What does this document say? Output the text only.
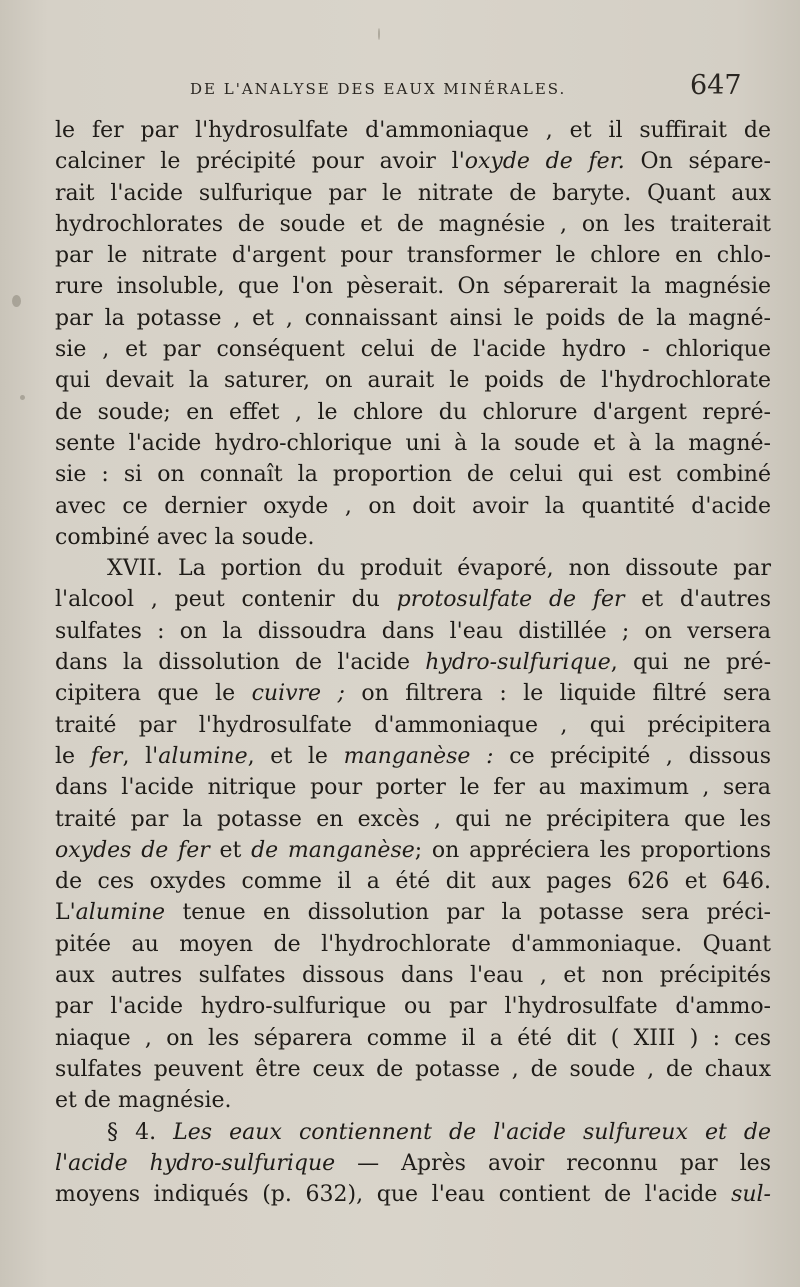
DE L'ANALYSE DES EAUX MINÉRALES.	647
le fer par l'hydrosulfate d'ammoniaque , et il suffirait de
calciner le précipité pour avoir l'oxyde de fer. On sépare-
rait l'acide sulfurique par le nitrate de baryte. Quant aux
hydrochlorates de soude et de magnésie , on les traiterait
par le nitrate d'argent pour transformer le chlore en chlo-
rure insoluble, que l'on pèserait. On séparerait la magnésie
par la potasse , et , connaissant ainsi le poids de la magné-
sie , et par conséquent celui de l'acide hydro - chlorique
qui devait la saturer, on aurait le poids de l'hydrochlorate
de soude; en effet , le chlore du chlorure d'argent repré-
sente l'acide hydro-chlorique uni à la soude et à la magné-
sie : si on connaît la proportion de celui qui est combiné
avec ce dernier oxyde , on doit avoir la quantité d'acide
combiné avec la soude.
XVII. La portion du produit évaporé, non dissoute par
l'alcool , peut contenir du protosulfate de fer et d'autres
sulfates : on la dissoudra dans l'eau distillée ; on versera
dans la dissolution de l'acide hydro-sulfurique, qui ne pré-
cipitera que le cuivre ; on filtrera : le liquide filtré sera
traité par l'hydrosulfate d'ammoniaque , qui précipitera
le fer, l'alumine, et le manganèse : ce précipité , dissous
dans l'acide nitrique pour porter le fer au maximum , sera
traité par la potasse en excès , qui ne précipitera que les
oxydes de fer et de manganèse; on appréciera les proportions
de ces oxydes comme il a été dit aux pages 626 et 646.
L'alumine tenue en dissolution par la potasse sera préci-
pitée au moyen de l'hydrochlorate d'ammoniaque. Quant
aux autres sulfates dissous dans l'eau , et non précipités
par l'acide hydro-sulfurique ou par l'hydrosulfate d'ammo-
niaque , on les séparera comme il a été dit ( XIII ) : ces
sulfates peuvent être ceux de potasse , de soude , de chaux
et de magnésie.
§ 4. Les eaux contiennent de l'acide sulfureux et de
l'acide hydro-sulfurique — Après avoir reconnu par les
moyens indiqués (p. 632), que l'eau contient de l'acide sul-
